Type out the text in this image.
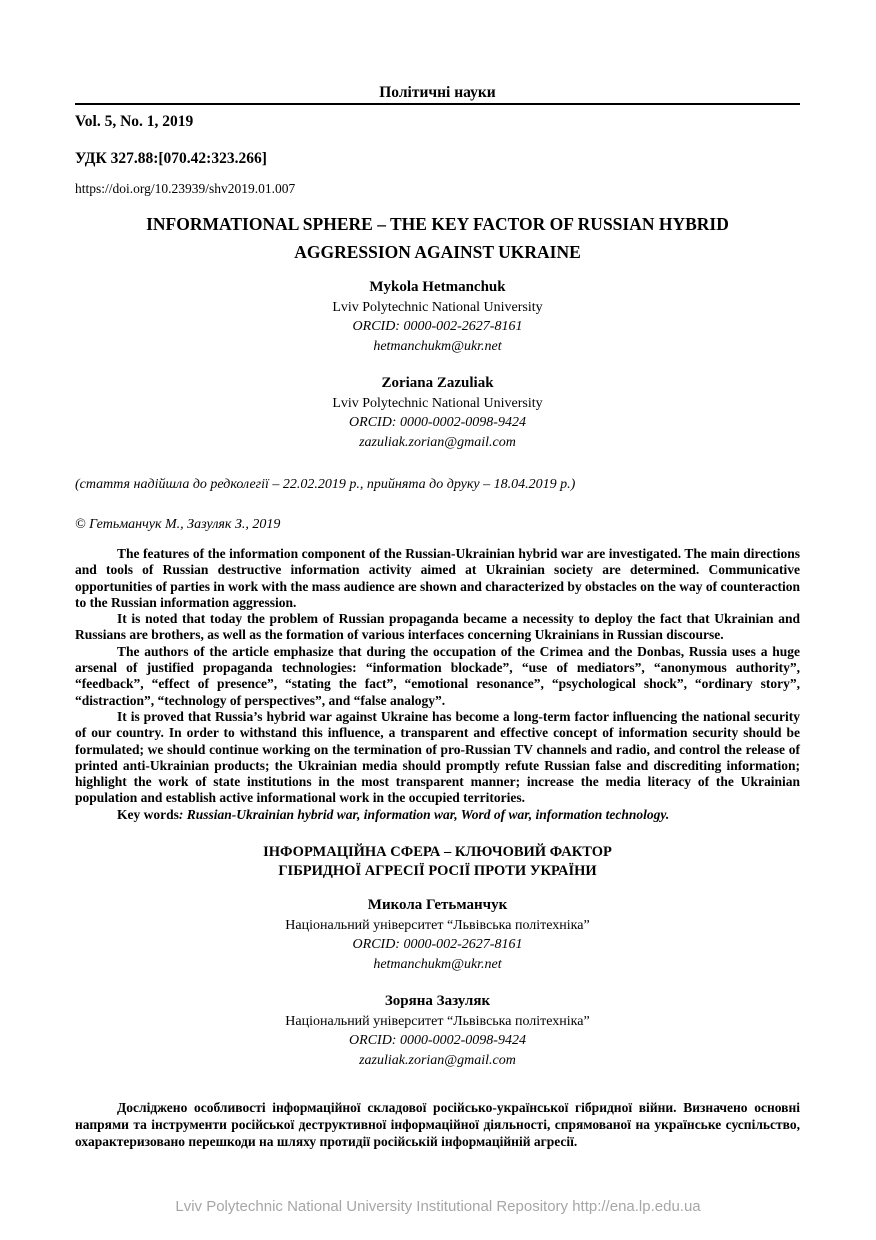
Політичні науки
Vol. 5, No. 1, 2019
УДК 327.88:[070.42:323.266]
https://doi.org/10.23939/shv2019.01.007
INFORMATIONAL SPHERE – THE KEY FACTOR OF RUSSIAN HYBRID
AGGRESSION AGAINST UKRAINE
Mykola Hetmanchuk
Lviv Polytechnic National University
ORCID: 0000-002-2627-8161
hetmanchukm@ukr.net
Zoriana Zazuliak
Lviv Polytechnic National University
ORCID: 0000-0002-0098-9424
zazuliak.zorian@gmail.com
(стаття надійшла до редколегії – 22.02.2019 р., прийнята до друку – 18.04.2019 р.)
© Гетьманчук М., Зазуляк З., 2019

The features of the information component of the Russian-Ukrainian hybrid war are investigated. The main directions and tools of Russian destructive information activity aimed at Ukrainian society are determined. Communicative opportunities of parties in work with the mass audience are shown and characterized by obstacles on the way of counteraction to the Russian information aggression.

It is noted that today the problem of Russian propaganda became a necessity to deploy the fact that Ukrainian and Russians are brothers, as well as the formation of various interfaces concerning Ukrainians in Russian discourse.

The authors of the article emphasize that during the occupation of the Crimea and the Donbas, Russia uses a huge arsenal of justified propaganda technologies: “information blockade”, “use of mediators”, “anonymous authority”, “feedback”, “effect of presence”, “stating the fact”, “emotional resonance”, “psychological shock”, “ordinary story”, “distraction”, “technology of perspectives”, and “false analogy”.

It is proved that Russia’s hybrid war against Ukraine has become a long-term factor influencing the national security of our country. In order to withstand this influence, a transparent and effective concept of information security should be formulated; we should continue working on the termination of pro-Russian TV channels and radio, and control the release of printed anti-Ukrainian products; the Ukrainian media should promptly refute Russian false and discrediting information; highlight the work of state institutions in the most transparent manner; increase the media literacy of the Ukrainian population and establish active informational work in the occupied territories.

Key words: Russian-Ukrainian hybrid war, information war, Word of war, information technology.

ІНФОРМАЦІЙНА СФЕРА – КЛЮЧОВИЙ ФАКТОР
ГІБРИДНОЇ АГРЕСІЇ РОСІЇ ПРОТИ УКРАЇНИ
Микола Гетьманчук
Національний університет “Львівська політехніка”
ORCID: 0000-002-2627-8161
hetmanchukm@ukr.net
Зоряна Зазуляк
Національний університет “Львівська політехніка”
ORCID: 0000-0002-0098-9424
zazuliak.zorian@gmail.com

Досліджено особливості інформаційної складової російсько-української гібридної війни. Визначено основні напрями та інструменти російської деструктивної інформаційної діяльності, спрямованої на українське суспільство, охарактеризовано перешкоди на шляху протидії російській інформаційній агресії.

Lviv Polytechnic National University Institutional Repository http://ena.lp.edu.ua
